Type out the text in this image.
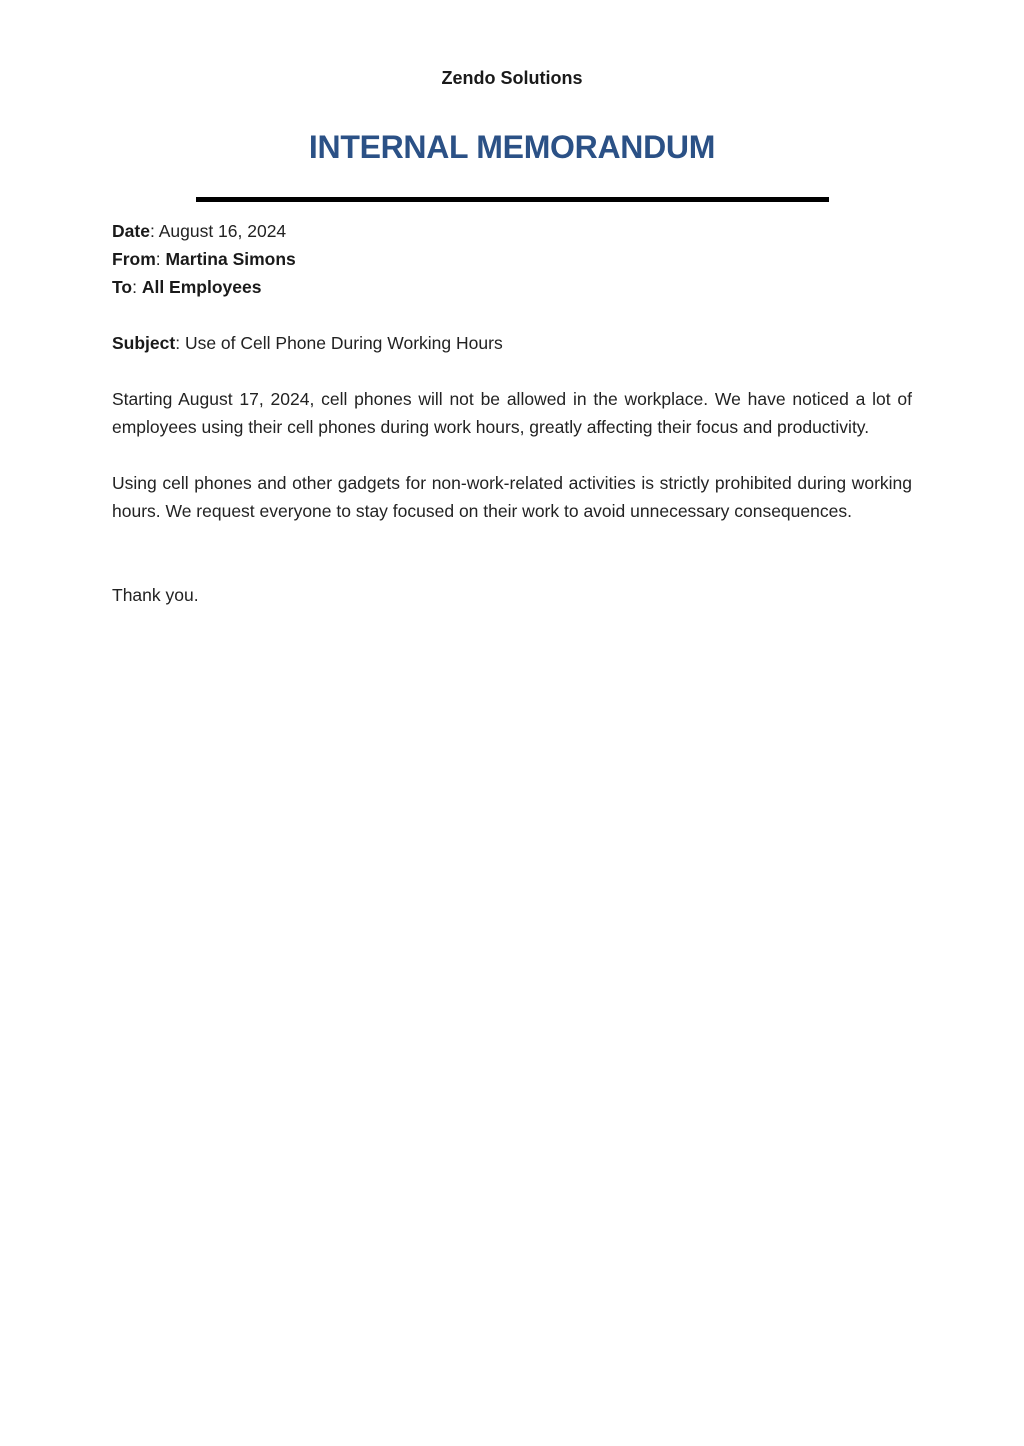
Zendo Solutions
INTERNAL MEMORANDUM
Date: August 16, 2024
From: Martina Simons
To: All Employees
Subject: Use of Cell Phone During Working Hours

Starting August 17, 2024, cell phones will not be allowed in the workplace. We have noticed a lot of employees using their cell phones during work hours, greatly affecting their focus and productivity.

Using cell phones and other gadgets for non-work-related activities is strictly prohibited during working hours. We request everyone to stay focused on their work to avoid unnecessary consequences.

Thank you.
